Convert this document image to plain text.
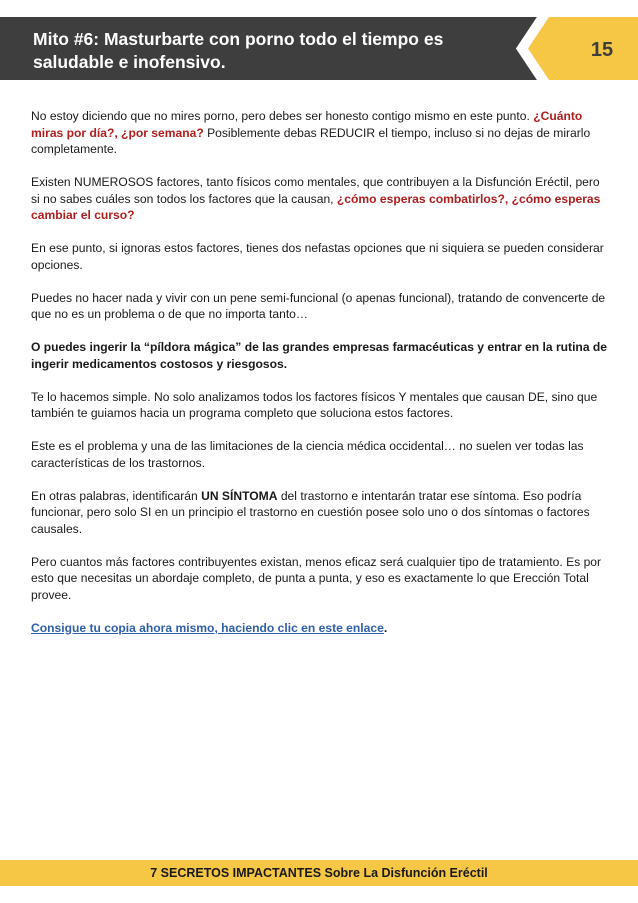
Mito #6: Masturbarte con porno todo el tiempo es saludable e inofensivo.
15

No estoy diciendo que no mires porno, pero debes ser honesto contigo mismo en este punto. ¿Cuánto miras por día?, ¿por semana? Posiblemente debas REDUCIR el tiempo, incluso si no dejas de mirarlo completamente.

Existen NUMEROSOS factores, tanto físicos como mentales, que contribuyen a la Disfunción Eréctil, pero si no sabes cuáles son todos los factores que la causan, ¿cómo esperas combatirlos?, ¿cómo esperas cambiar el curso?

En ese punto, si ignoras estos factores, tienes dos nefastas opciones que ni siquiera se pueden considerar opciones.

Puedes no hacer nada y vivir con un pene semi-funcional (o apenas funcional), tratando de convencerte de que no es un problema o de que no importa tanto…

O puedes ingerir la “píldora mágica” de las grandes empresas farmacéuticas y entrar en la rutina de ingerir medicamentos costosos y riesgosos.

Te lo hacemos simple. No solo analizamos todos los factores físicos Y mentales que causan DE, sino que también te guiamos hacia un programa completo que soluciona estos factores.

Este es el problema y una de las limitaciones de la ciencia médica occidental… no suelen ver todas las características de los trastornos.

En otras palabras, identificarán UN SÍNTOMA del trastorno e intentarán tratar ese síntoma. Eso podría funcionar, pero solo SI en un principio el trastorno en cuestión posee solo uno o dos síntomas o factores causales.

Pero cuantos más factores contribuyentes existan, menos eficaz será cualquier tipo de tratamiento. Es por esto que necesitas un abordaje completo, de punta a punta, y eso es exactamente lo que Erección Total provee.

Consigue tu copia ahora mismo, haciendo clic en este enlace.

7 SECRETOS IMPACTANTES Sobre La Disfunción Eréctil
